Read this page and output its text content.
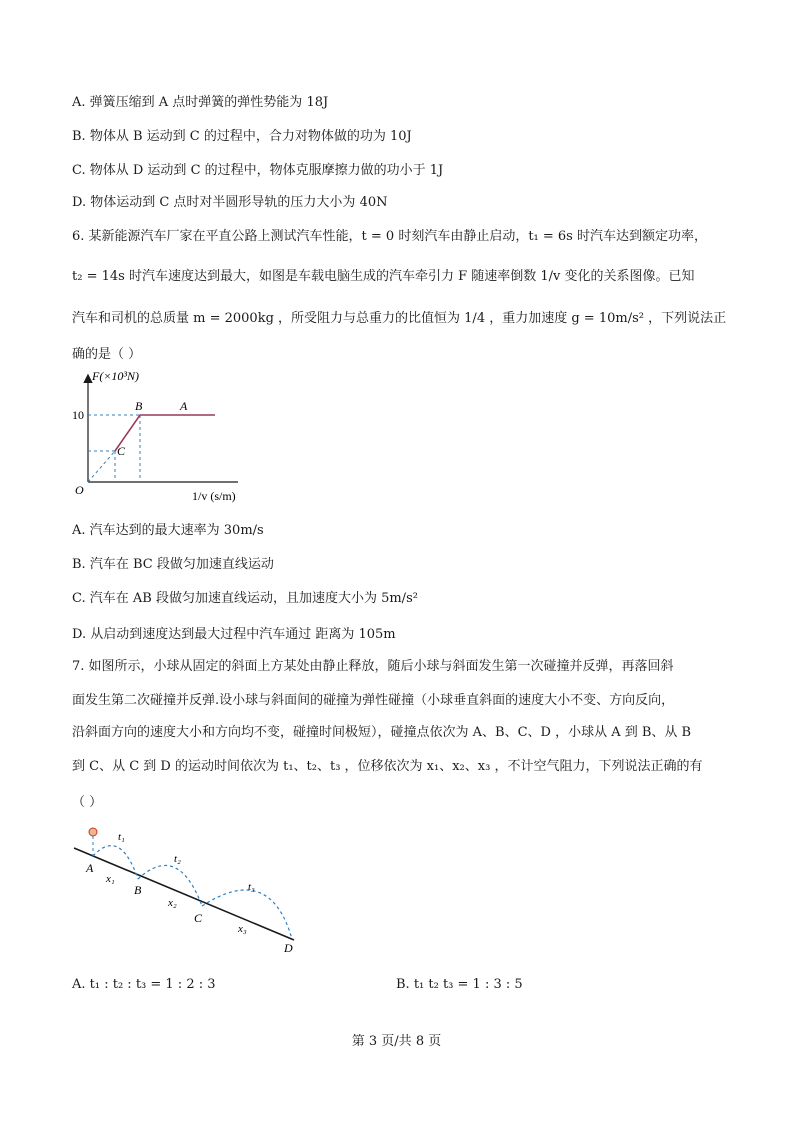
A. 弹簧压缩到 A 点时弹簧的弹性势能为 18J
B. 物体从 B 运动到 C 的过程中，合力对物体做的功为 10J
C. 物体从 D 运动到 C 的过程中，物体克服摩擦力做的功小于 1J
D. 物体运动到 C 点时对半圆形导轨的压力大小为 40N
6. 某新能源汽车厂家在平直公路上测试汽车性能，t = 0 时刻汽车由静止启动，t₁ = 6s 时汽车达到额定功率，
t₂ = 14s 时汽车速度达到最大，如图是车载电脑生成的汽车牵引力 F 随速率倒数 1/v 变化的关系图像。已知
汽车和司机的总质量 m = 2000kg ，所受阻力与总重力的比值恒为 1/4 ，重力加速度 g = 10m/s² ，下列说法正
确的是（ ）
F(×10³N)
10
O
B	A
C
1/v (s/m)
A. 汽车达到的最大速率为 30m/s
B. 汽车在 BC 段做匀加速直线运动
C. 汽车在 AB 段做匀加速直线运动，且加速度大小为 5m/s²
D. 从启动到速度达到最大过程中汽车通过 距离为 105m
7. 如图所示，小球从固定的斜面上方某处由静止释放，随后小球与斜面发生第一次碰撞并反弹，再落回斜
面发生第二次碰撞并反弹.设小球与斜面间的碰撞为弹性碰撞（小球垂直斜面的速度大小不变、方向反向，
沿斜面方向的速度大小和方向均不变，碰撞时间极短），碰撞点依次为 A、B、C、D ，小球从 A 到 B、从 B
到 C、从 C 到 D 的运动时间依次为 t₁、t₂、t₃ ，位移依次为 x₁、x₂、x₃ ，不计空气阻力，下列说法正确的有
（ ）
A
B
C
D
t₁
t₂
t₃
x₁
x₂
x₃
A. t₁ : t₂ : t₃ = 1 : 2 : 3	B. t₁ t₂ t₃ = 1 : 3 : 5
第 3 页/共 8 页
